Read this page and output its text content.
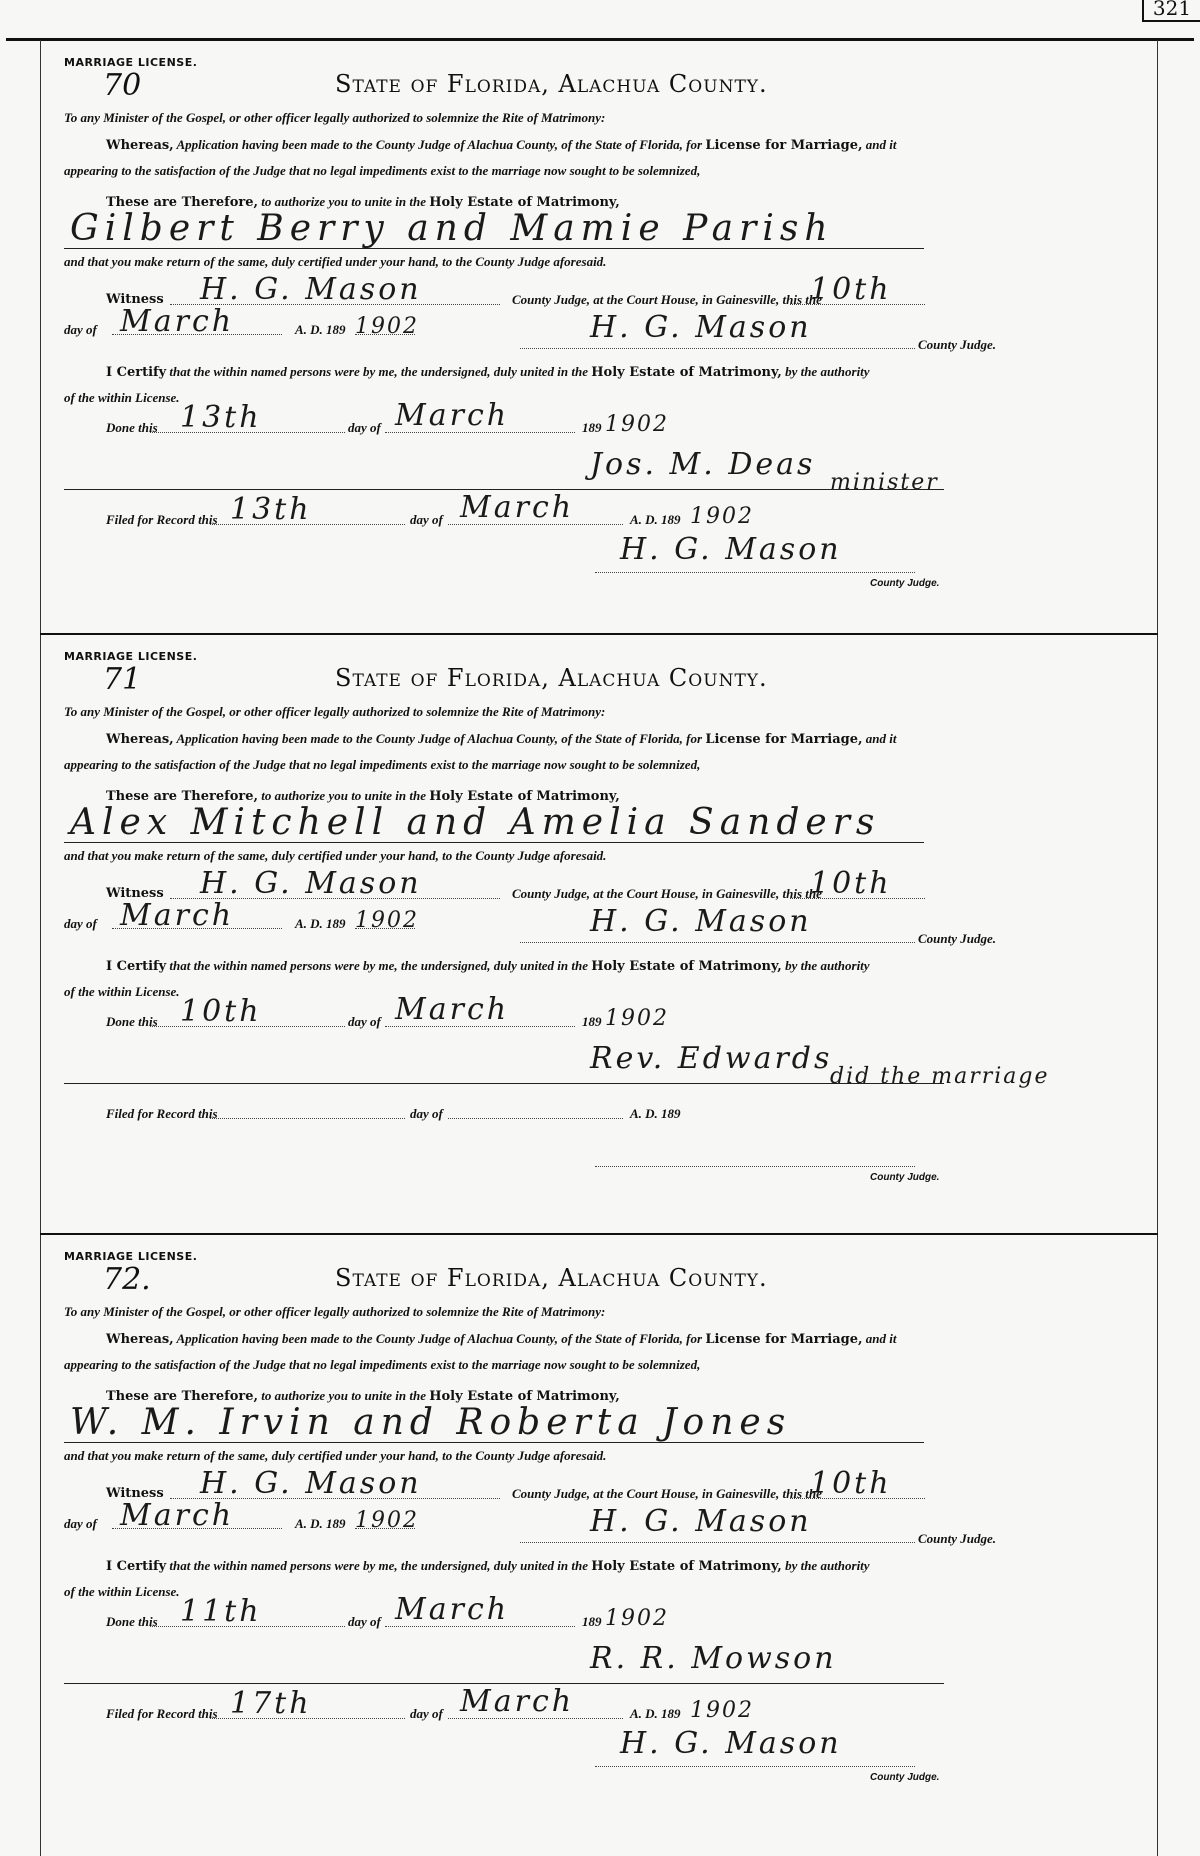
321
MARRIAGE LICENSE.
70	State of Florida, Alachua County.
To any Minister of the Gospel, or other officer legally authorized to solemnize the Rite of Matrimony:
Whereas, Application having been made to the County Judge of Alachua County, of the State of Florida, for License for Marriage, and it
appearing to the satisfaction of the Judge that no legal impediments exist to the marriage now sought to be solemnized,
These are Therefore, to authorize you to unite in the Holy Estate of Matrimony,
Gilbert Berry and Mamie Parish
and that you make return of the same, duly certified under your hand, to the County Judge aforesaid.
Witness H. G. Mason	County Judge, at the Court House, in Gainesville, this the
10th
day of March	A. D. 189 1902	H. G. Mason	County Judge.
I Certify that the within named persons were by me, the undersigned, duly united in the Holy Estate of Matrimony, by the authority
of the within License.
Done this 13th	day of March	189 1902
Jos. M. Deas
minister
Filed for Record this 13th	day of March	A. D. 189 1902
H. G. Mason
County Judge.
MARRIAGE LICENSE.
71	State of Florida, Alachua County.
To any Minister of the Gospel, or other officer legally authorized to solemnize the Rite of Matrimony:
Whereas, Application having been made to the County Judge of Alachua County, of the State of Florida, for License for Marriage, and it
appearing to the satisfaction of the Judge that no legal impediments exist to the marriage now sought to be solemnized,
These are Therefore, to authorize you to unite in the Holy Estate of Matrimony,
Alex Mitchell and Amelia Sanders
and that you make return of the same, duly certified under your hand, to the County Judge aforesaid.
Witness H. G. Mason	County Judge, at the Court House, in Gainesville, this the
10th
day of March	A. D. 189 1902	H. G. Mason	County Judge.
I Certify that the within named persons were by me, the undersigned, duly united in the Holy Estate of Matrimony, by the authority
of the within License.
Done this 10th	day of March	189 1902
Rev. Edwards
did the marriage
Filed for Record this	day of	A. D. 189
County Judge.
MARRIAGE LICENSE.
72.	State of Florida, Alachua County.
To any Minister of the Gospel, or other officer legally authorized to solemnize the Rite of Matrimony:
Whereas, Application having been made to the County Judge of Alachua County, of the State of Florida, for License for Marriage, and it
appearing to the satisfaction of the Judge that no legal impediments exist to the marriage now sought to be solemnized,
These are Therefore, to authorize you to unite in the Holy Estate of Matrimony,
W. M. Irvin and Roberta Jones
and that you make return of the same, duly certified under your hand, to the County Judge aforesaid.
Witness H. G. Mason	County Judge, at the Court House, in Gainesville, this the
10th
day of March	A. D. 189 1902	H. G. Mason	County Judge.
I Certify that the within named persons were by me, the undersigned, duly united in the Holy Estate of Matrimony, by the authority
of the within License.
Done this 11th	day of March	189 1902
R. R. Mowson
Filed for Record this 17th	day of March	A. D. 189 1902
H. G. Mason
County Judge.
